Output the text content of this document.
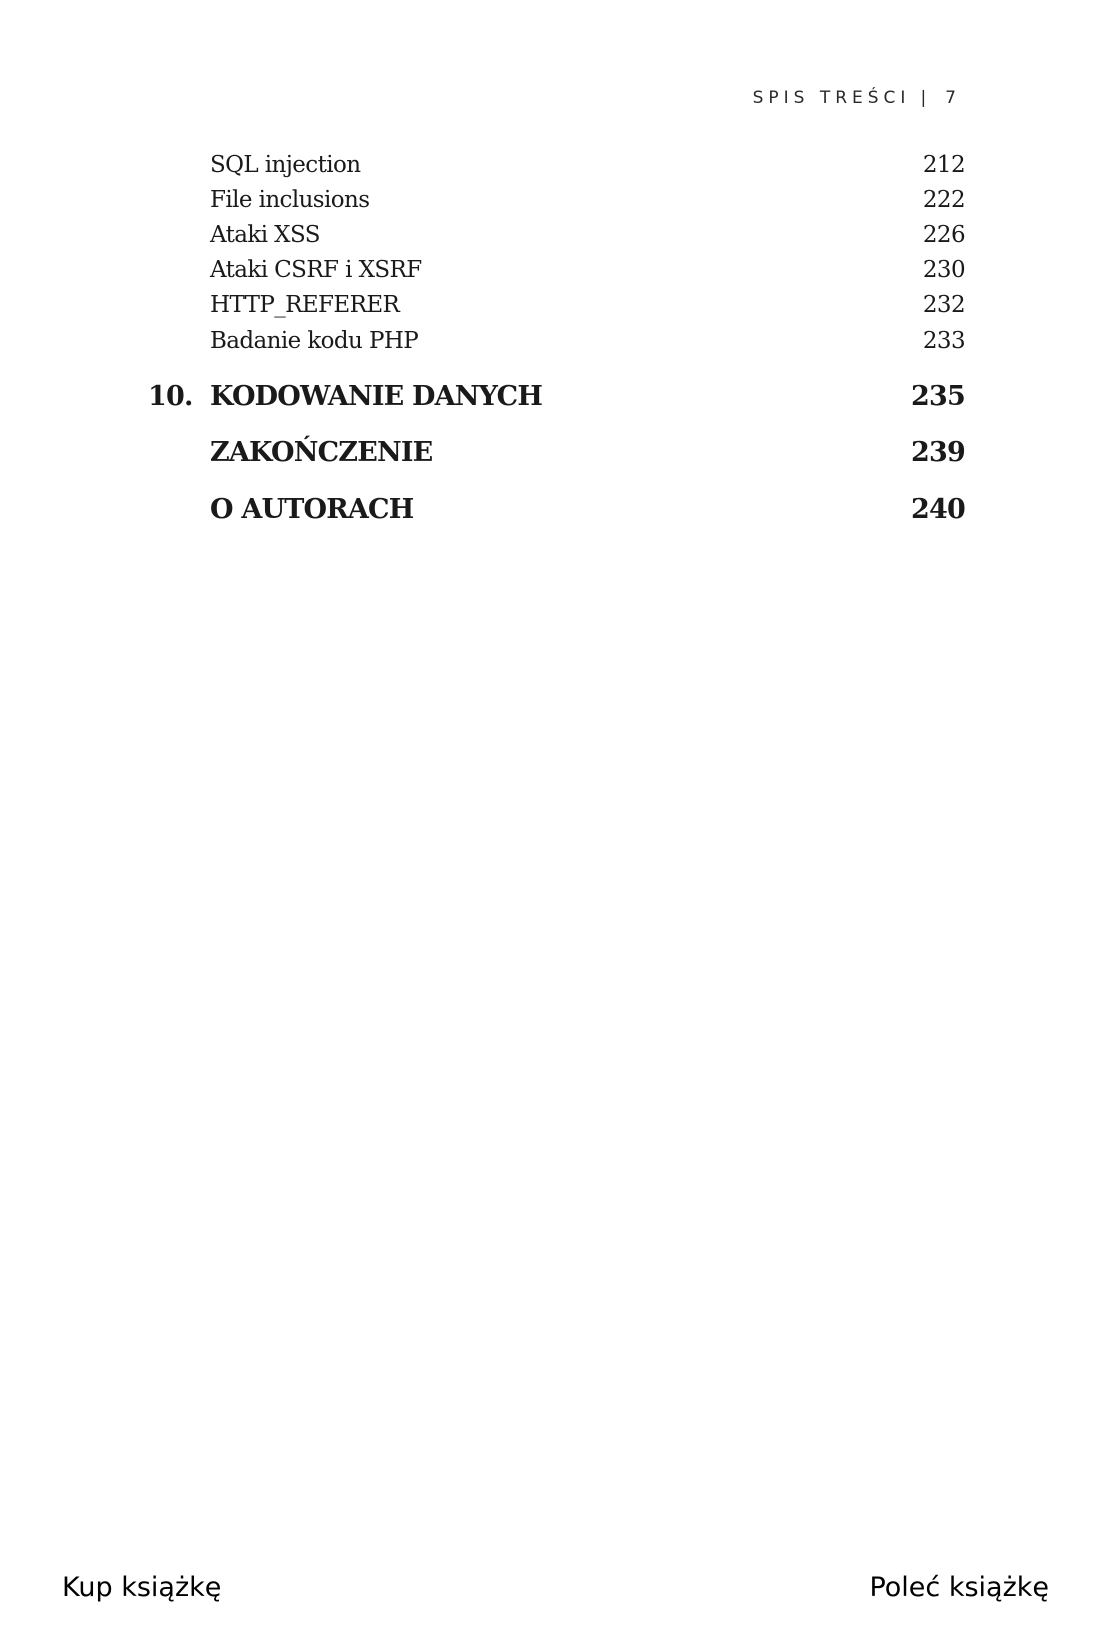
SPIS TREŚCI | 7
SQL injection	212
File inclusions	222
Ataki XSS	226
Ataki CSRF i XSRF	230
HTTP_REFERER	232
Badanie kodu PHP	233
10. KODOWANIE DANYCH	235
ZAKOŃCZENIE	239
O AUTORACH	240
Kup książkę	Poleć książkę
